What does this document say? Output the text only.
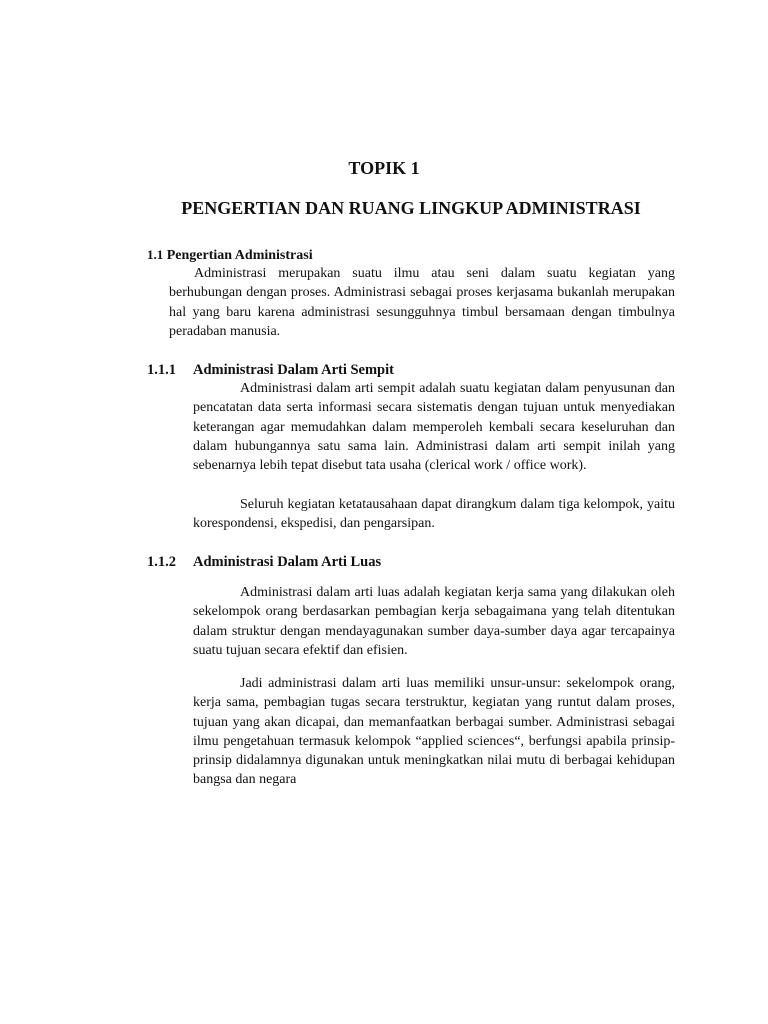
TOPIK 1
PENGERTIAN DAN RUANG LINGKUP ADMINISTRASI
1.1 Pengertian Administrasi

Administrasi merupakan suatu ilmu atau seni dalam suatu kegiatan yang berhubungan dengan proses. Administrasi sebagai proses kerjasama bukanlah merupakan hal yang baru karena administrasi sesungguhnya timbul bersamaan dengan timbulnya peradaban manusia.

1.1.1 Administrasi Dalam Arti Sempit

Administrasi dalam arti sempit adalah suatu kegiatan dalam penyusunan dan pencatatan data serta informasi secara sistematis dengan tujuan untuk menyediakan keterangan agar memudahkan dalam memperoleh kembali secara keseluruhan dan dalam hubungannya satu sama lain. Administrasi dalam arti sempit inilah yang sebenarnya lebih tepat disebut tata usaha (clerical work / office work).

Seluruh kegiatan ketatausahaan dapat dirangkum dalam tiga kelompok, yaitu korespondensi, ekspedisi, dan pengarsipan.

1.1.2 Administrasi Dalam Arti Luas

Administrasi dalam arti luas adalah kegiatan kerja sama yang dilakukan oleh sekelompok orang berdasarkan pembagian kerja sebagaimana yang telah ditentukan dalam struktur dengan mendayagunakan sumber daya-sumber daya agar tercapainya suatu tujuan secara efektif dan efisien.

Jadi administrasi dalam arti luas memiliki unsur-unsur: sekelompok orang, kerja sama, pembagian tugas secara terstruktur, kegiatan yang runtut dalam proses, tujuan yang akan dicapai, dan memanfaatkan berbagai sumber. Administrasi sebagai ilmu pengetahuan termasuk kelompok “applied sciences“, berfungsi apabila prinsip-prinsip didalamnya digunakan untuk meningkatkan nilai mutu di berbagai kehidupan bangsa dan negara
